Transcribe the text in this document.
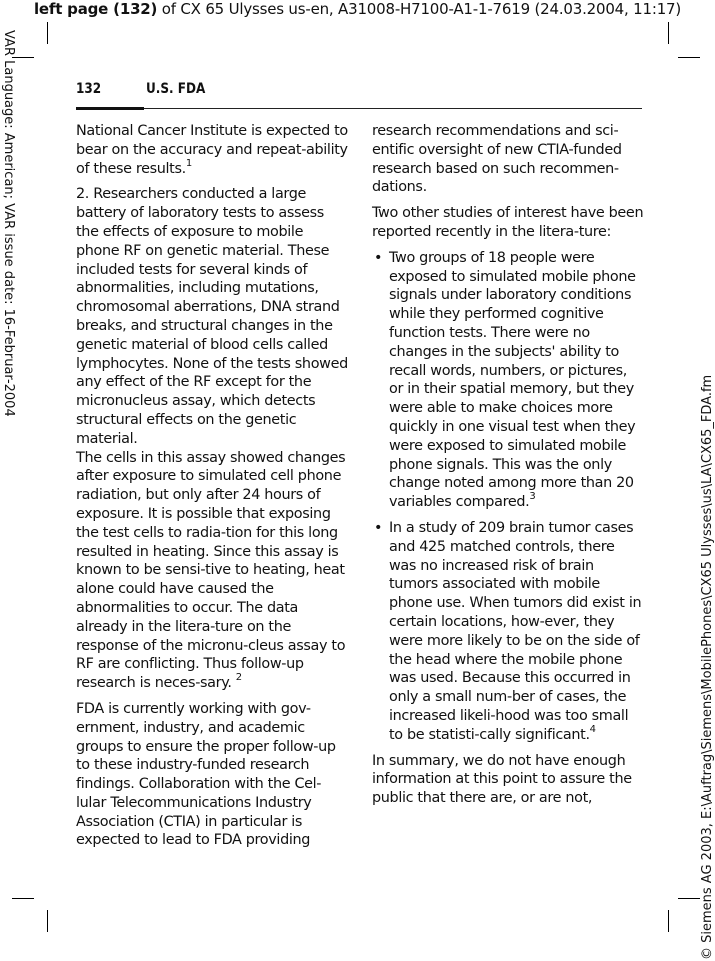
left page (132) of CX 65 Ulysses us-en, A31008-H7100-A1-1-7619 (24.03.2004, 11:17)
VAR Language: American; VAR issue date: 16-Februar-2004
© Siemens AG 2003, E:\Auftrag\Siemens\MobilePhones\CX65 Ulysses\us\LA\CX65_FDA.fm
132	U.S. FDA

National Cancer Institute is expected to bear on the accuracy and repeat-ability of these results.$^1$

2. Researchers conducted a large battery of laboratory tests to assess the effects of exposure to mobile phone RF on genetic material. These included tests for several kinds of abnormalities, including mutations, chromosomal aberrations, DNA strand breaks, and structural changes in the genetic material of blood cells called lymphocytes. None of the tests showed any effect of the RF except for the micronucleus assay, which detects structural effects on the genetic material.

The cells in this assay showed changes after exposure to simulated cell phone radiation, but only after 24 hours of exposure. It is possible that exposing the test cells to radia-tion for this long resulted in heating. Since this assay is known to be sensi-tive to heating, heat alone could have caused the abnormalities to occur. The data already in the litera-ture on the response of the micronu-cleus assay to RF are conflicting. Thus follow-up research is neces-sary. $^2$

FDA is currently working with gov-ernment, industry, and academic groups to ensure the proper follow-up to these industry-funded research findings. Collaboration with the Cel-lular Telecommunications Industry Association (CTIA) in particular is expected to lead to FDA providing

research recommendations and sci-entific oversight of new CTIA-funded research based on such recommen-dations.

Two other studies of interest have been reported recently in the litera-ture:

• Two groups of 18 people were exposed to simulated mobile phone signals under laboratory conditions while they performed cognitive function tests. There were no changes in the subjects' ability to recall words, numbers, or pictures, or in their spatial memory, but they were able to make choices more quickly in one visual test when they were exposed to simulated mobile phone signals. This was the only change noted among more than 20 variables compared.$^3$
• In a study of 209 brain tumor cases and 425 matched controls, there was no increased risk of brain tumors associated with mobile phone use. When tumors did exist in certain locations, how-ever, they were more likely to be on the side of the head where the mobile phone was used. Because this occurred in only a small num-ber of cases, the increased likeli-hood was too small to be statisti-cally significant.$^4$

In summary, we do not have enough information at this point to assure the public that there are, or are not,
